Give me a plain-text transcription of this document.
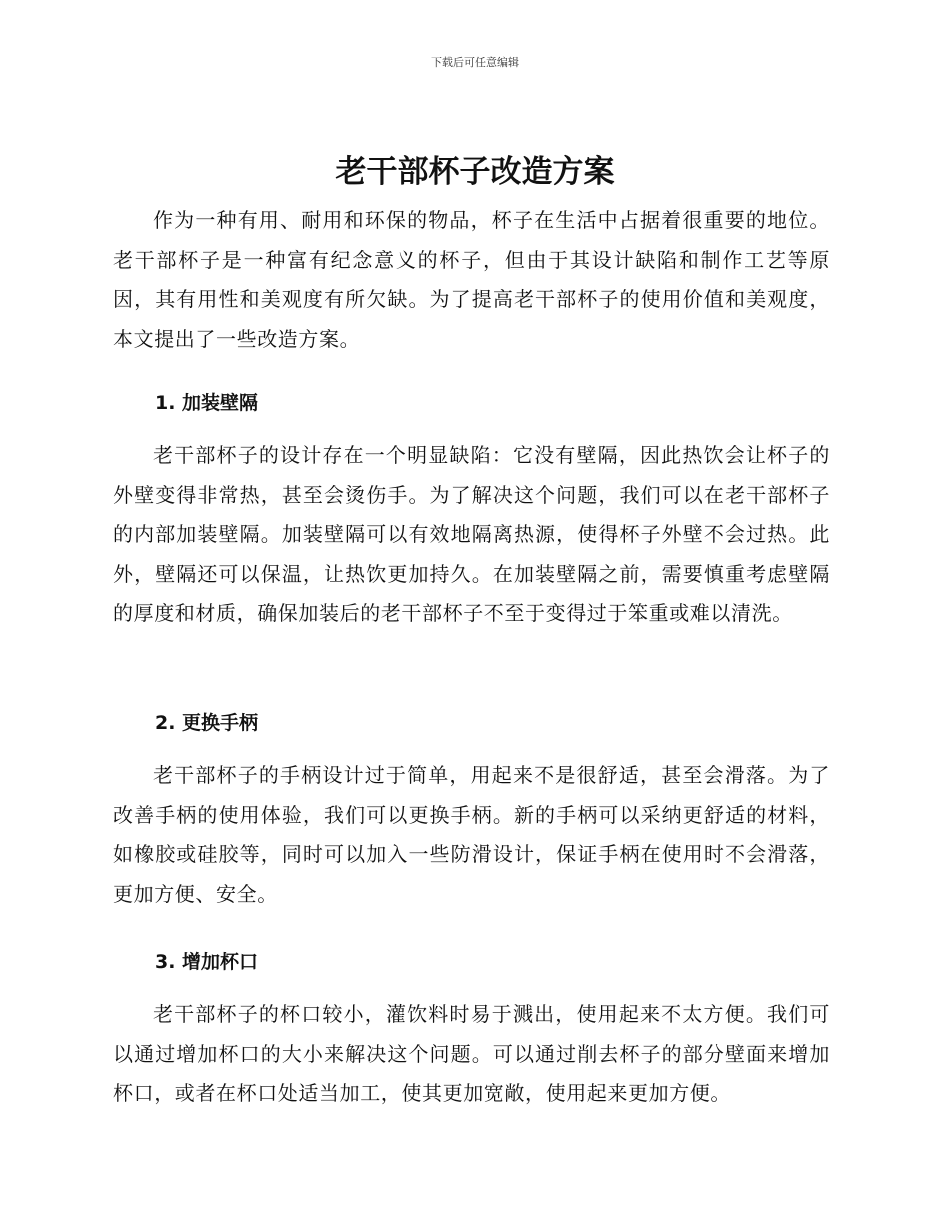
下载后可任意编辑
老干部杯子改造方案

作为一种有用、耐用和环保的物品，杯子在生活中占据着很重要的地位。老干部杯子是一种富有纪念意义的杯子，但由于其设计缺陷和制作工艺等原因，其有用性和美观度有所欠缺。为了提高老干部杯子的使用价值和美观度，本文提出了一些改造方案。

1. 加装壁隔

老干部杯子的设计存在一个明显缺陷：它没有壁隔，因此热饮会让杯子的外壁变得非常热，甚至会烫伤手。为了解决这个问题，我们可以在老干部杯子的内部加装壁隔。加装壁隔可以有效地隔离热源，使得杯子外壁不会过热。此外，壁隔还可以保温，让热饮更加持久。在加装壁隔之前，需要慎重考虑壁隔的厚度和材质，确保加装后的老干部杯子不至于变得过于笨重或难以清洗。

2. 更换手柄

老干部杯子的手柄设计过于简单，用起来不是很舒适，甚至会滑落。为了改善手柄的使用体验，我们可以更换手柄。新的手柄可以采纳更舒适的材料，如橡胶或硅胶等，同时可以加入一些防滑设计，保证手柄在使用时不会滑落，更加方便、安全。

3. 增加杯口

老干部杯子的杯口较小，灌饮料时易于溅出，使用起来不太方便。我们可以通过增加杯口的大小来解决这个问题。可以通过削去杯子的部分壁面来增加杯口，或者在杯口处适当加工，使其更加宽敞，使用起来更加方便。
